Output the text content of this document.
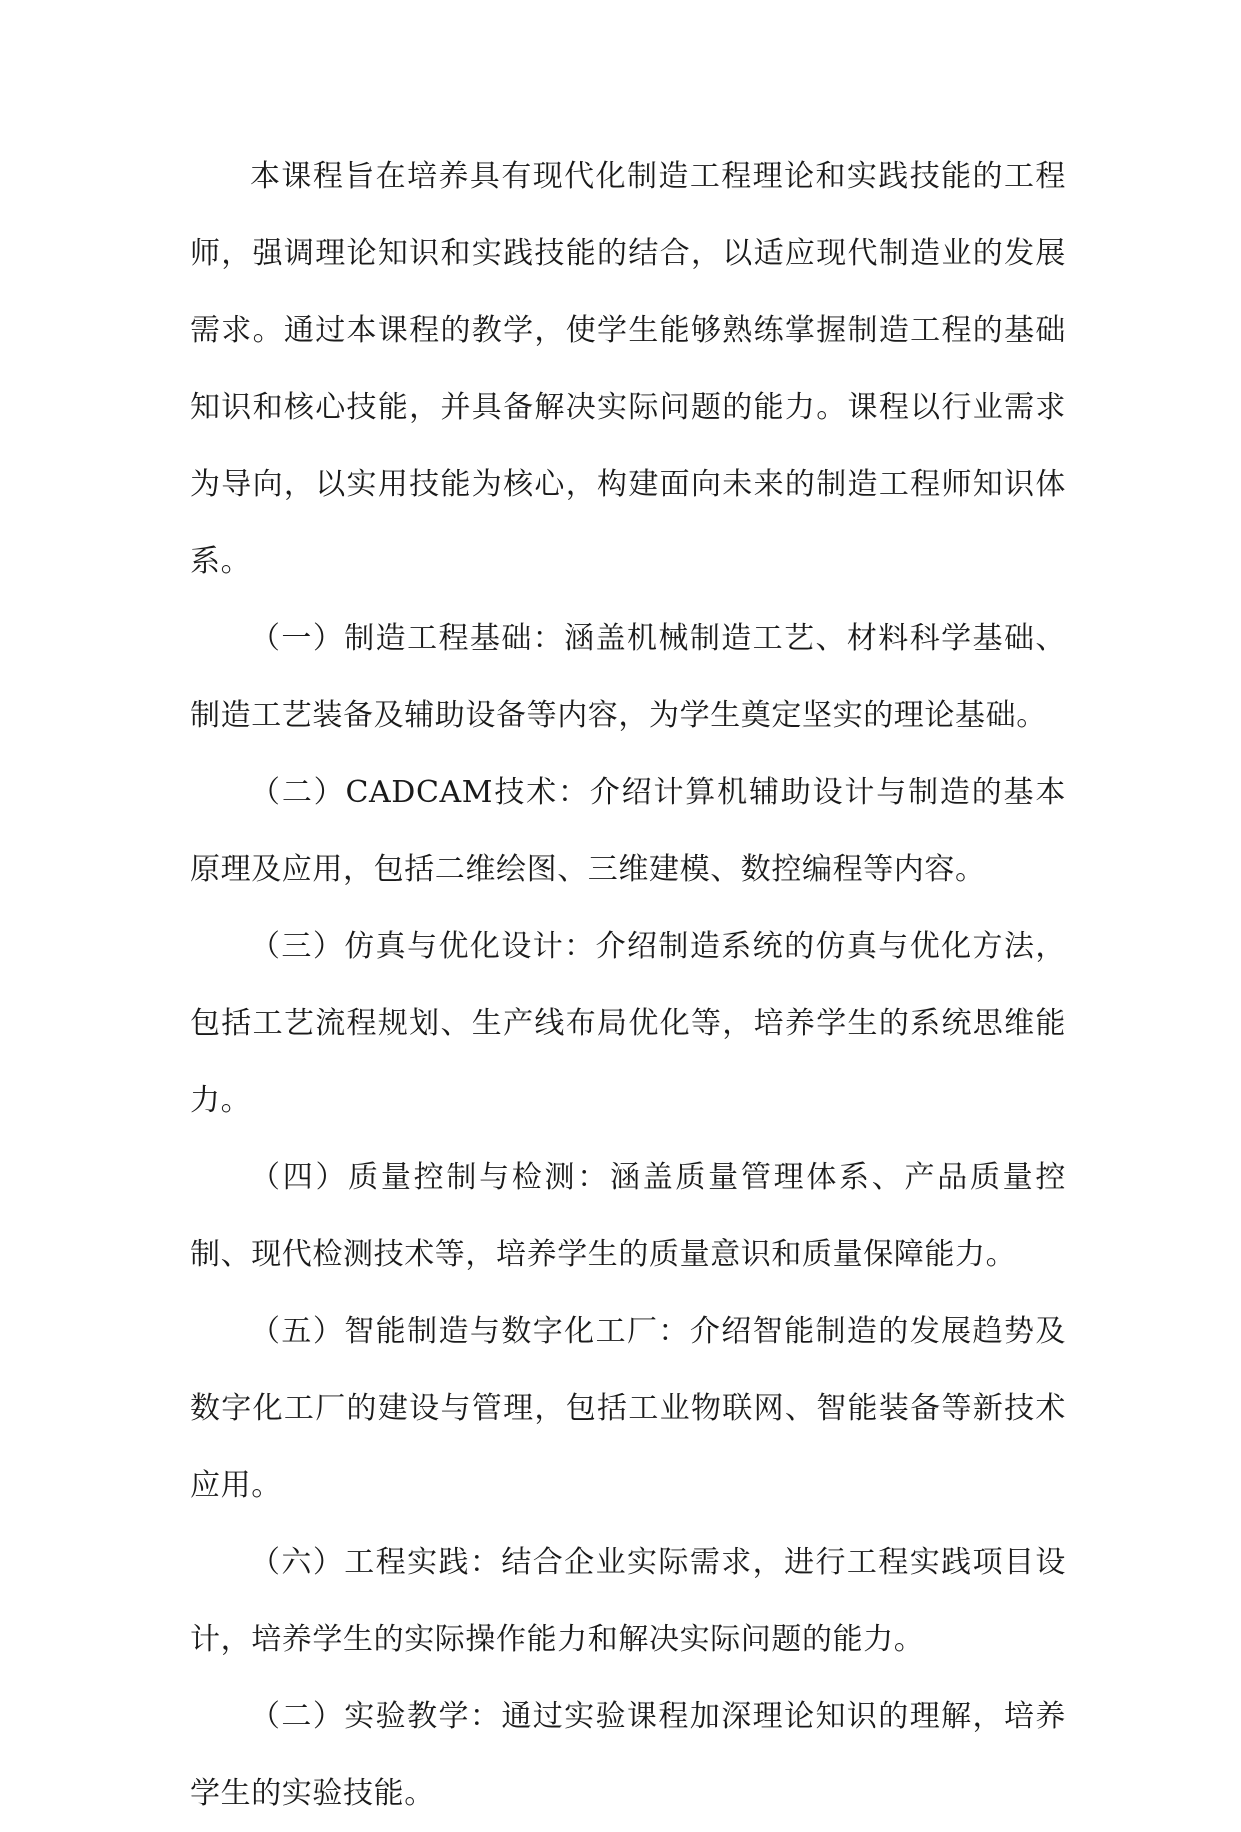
本课程旨在培养具有现代化制造工程理论和实践技能的工程师，强调理论知识和实践技能的结合，以适应现代制造业的发展需求。通过本课程的教学，使学生能够熟练掌握制造工程的基础知识和核心技能，并具备解决实际问题的能力。课程以行业需求为导向，以实用技能为核心，构建面向未来的制造工程师知识体系。

（一）制造工程基础：涵盖机械制造工艺、材料科学基础、制造工艺装备及辅助设备等内容，为学生奠定坚实的理论基础。

（二）CADCAM技术：介绍计算机辅助设计与制造的基本原理及应用，包括二维绘图、三维建模、数控编程等内容。

（三）仿真与优化设计：介绍制造系统的仿真与优化方法，包括工艺流程规划、生产线布局优化等，培养学生的系统思维能力。

（四）质量控制与检测：涵盖质量管理体系、产品质量控制、现代检测技术等，培养学生的质量意识和质量保障能力。

（五）智能制造与数字化工厂：介绍智能制造的发展趋势及数字化工厂的建设与管理，包括工业物联网、智能装备等新技术应用。

（六）工程实践：结合企业实际需求，进行工程实践项目设计，培养学生的实际操作能力和解决实际问题的能力。

（二）实验教学：通过实验课程加深理论知识的理解，培养学生的实验技能。
